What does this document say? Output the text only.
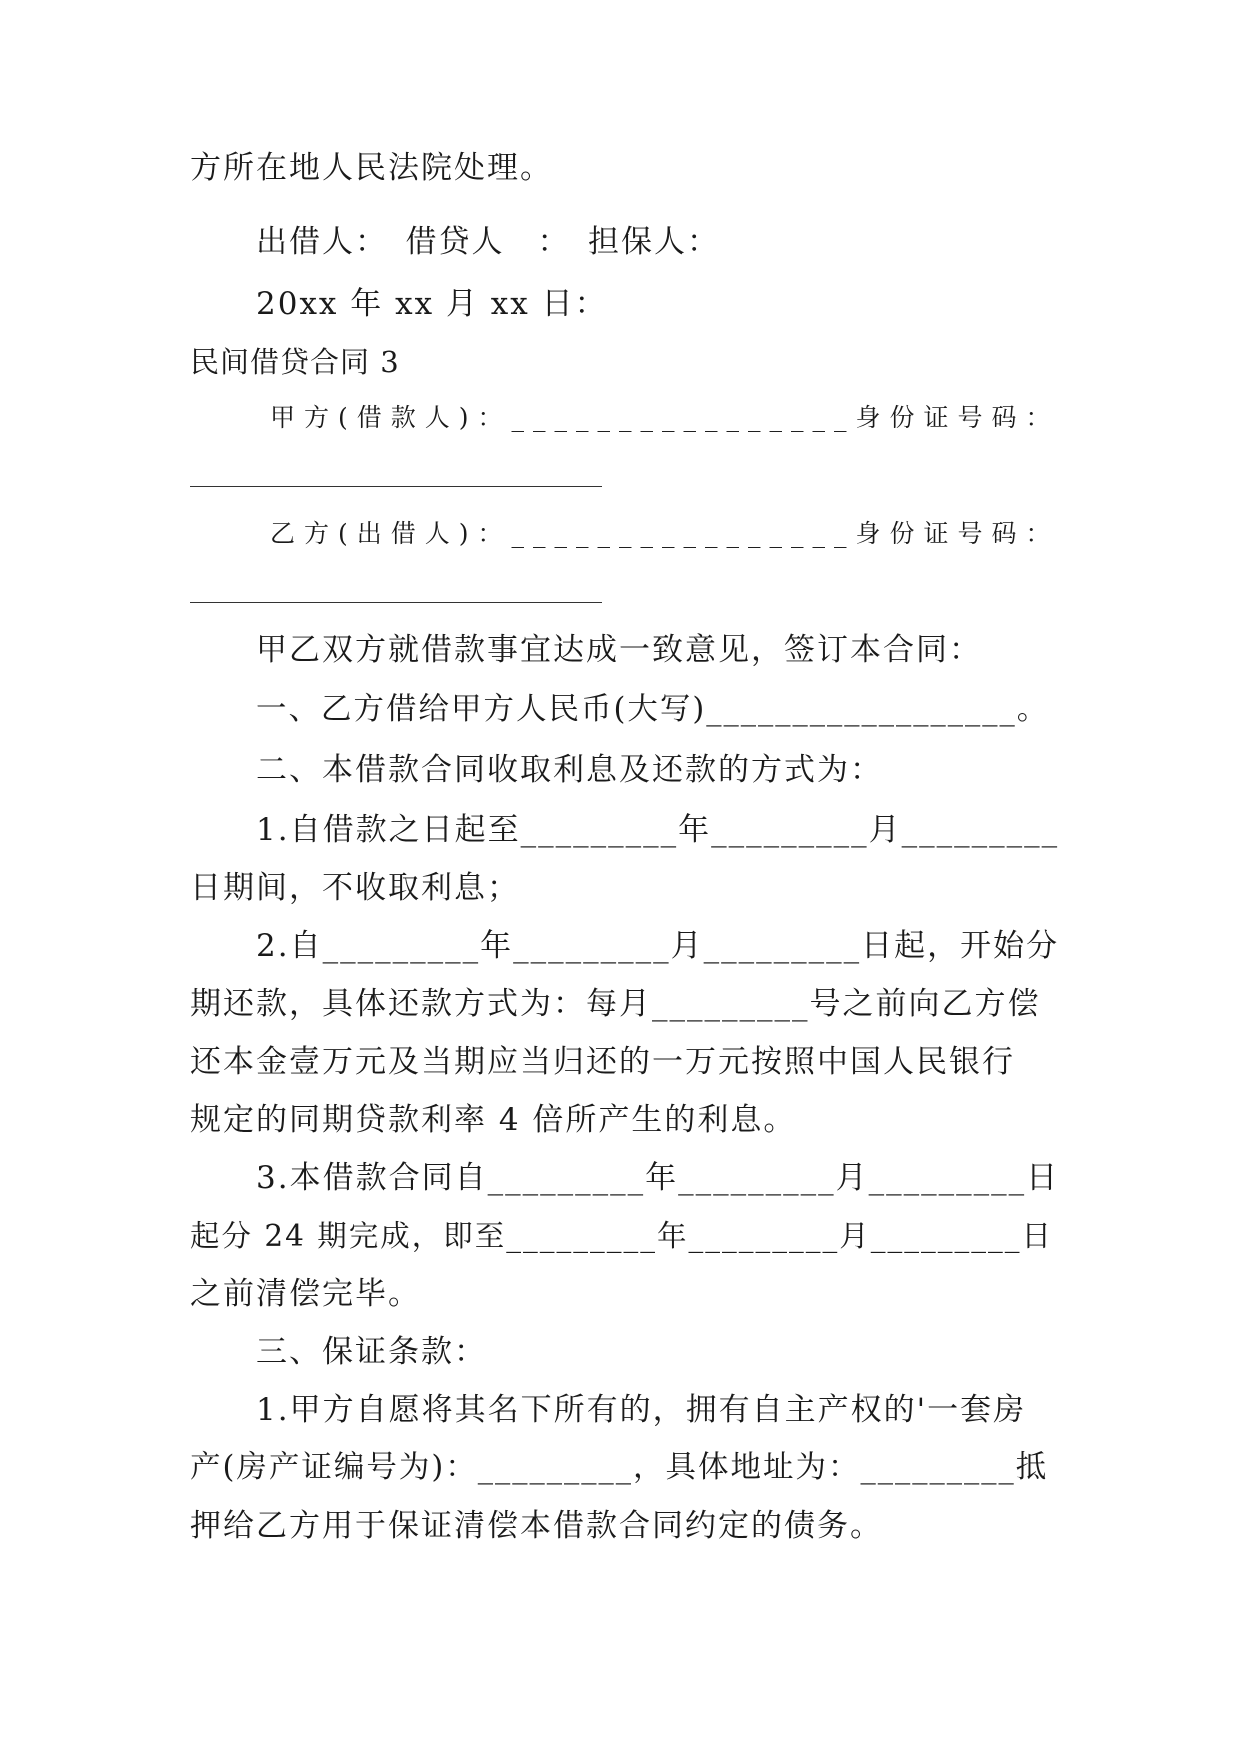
方所在地人民法院处理。
出借人：　借贷人　：　担保人：
20xx 年 xx 月 xx 日：
民间借贷合同 3
甲方(借款人)：________________身份证号码：
乙方(出借人)：________________身份证号码：
甲乙双方就借款事宜达成一致意见，签订本合同：
一、乙方借给甲方人民币(大写)__________________。
二、本借款合同收取利息及还款的方式为：
1.自借款之日起至_________年_________月_________
日期间，不收取利息；
2.自_________年_________月_________日起，开始分
期还款，具体还款方式为：每月_________号之前向乙方偿
还本金壹万元及当期应当归还的一万元按照中国人民银行
规定的同期贷款利率 4 倍所产生的利息。
3.本借款合同自_________年_________月_________日
起分 24 期完成，即至_________年_________月_________日
之前清偿完毕。
三、保证条款：
1.甲方自愿将其名下所有的，拥有自主产权的'一套房
产(房产证编号为)：_________，具体地址为：_________抵
押给乙方用于保证清偿本借款合同约定的债务。
